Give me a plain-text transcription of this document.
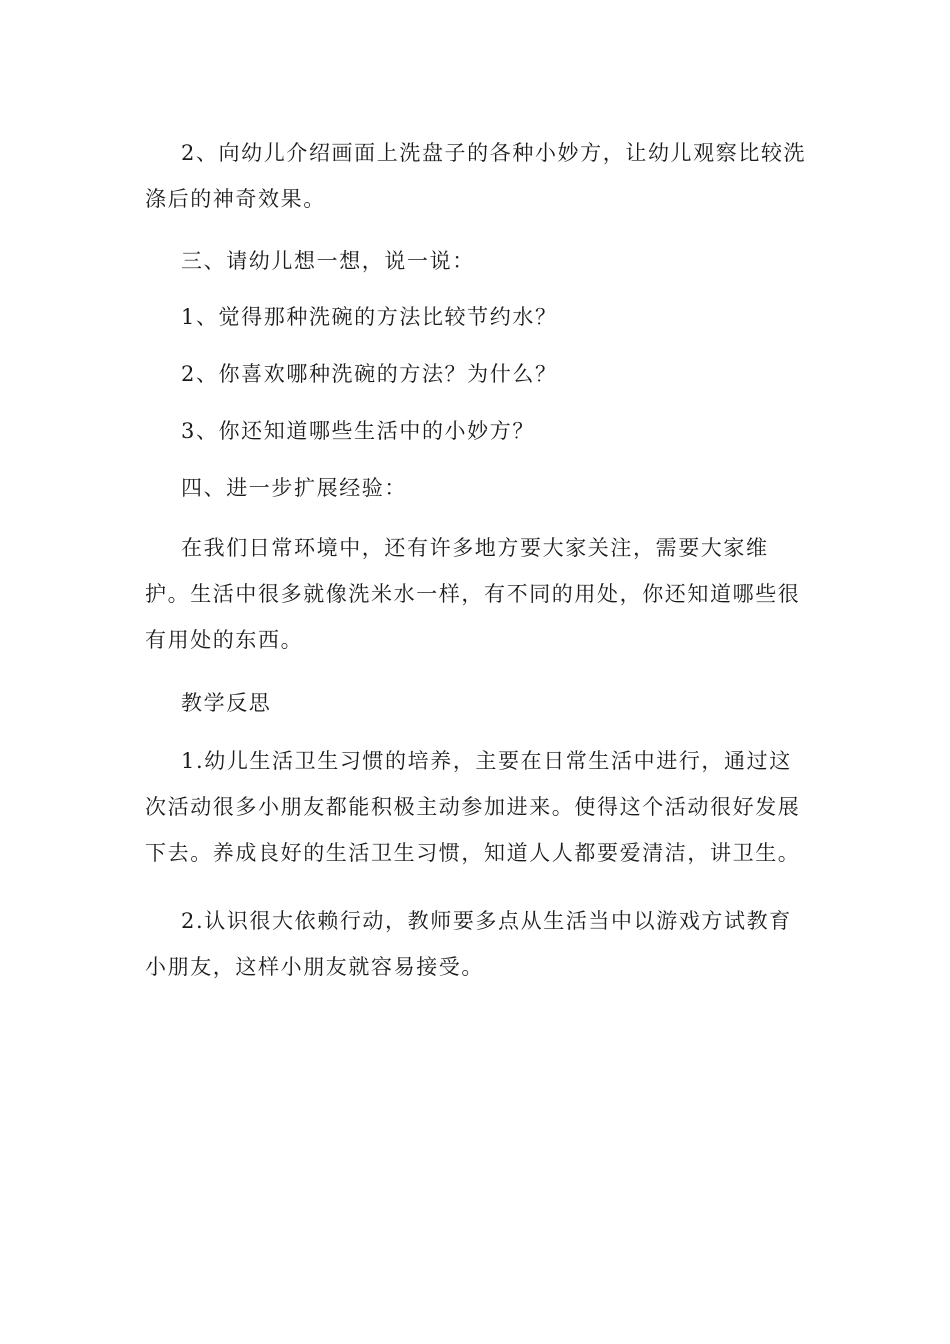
2、向幼儿介绍画面上洗盘子的各种小妙方，让幼儿观察比较洗涤后的神奇效果。

三、请幼儿想一想，说一说：

1、觉得那种洗碗的方法比较节约水？

2、你喜欢哪种洗碗的方法？为什么？

3、你还知道哪些生活中的小妙方？

四、进一步扩展经验：

在我们日常环境中，还有许多地方要大家关注，需要大家维护。生活中很多就像洗米水一样，有不同的用处，你还知道哪些很有用处的东西。

教学反思

1.幼儿生活卫生习惯的培养，主要在日常生活中进行，通过这次活动很多小朋友都能积极主动参加进来。使得这个活动很好发展下去。养成良好的生活卫生习惯，知道人人都要爱清洁，讲卫生。

2.认识很大依赖行动，教师要多点从生活当中以游戏方试教育小朋友，这样小朋友就容易接受。
